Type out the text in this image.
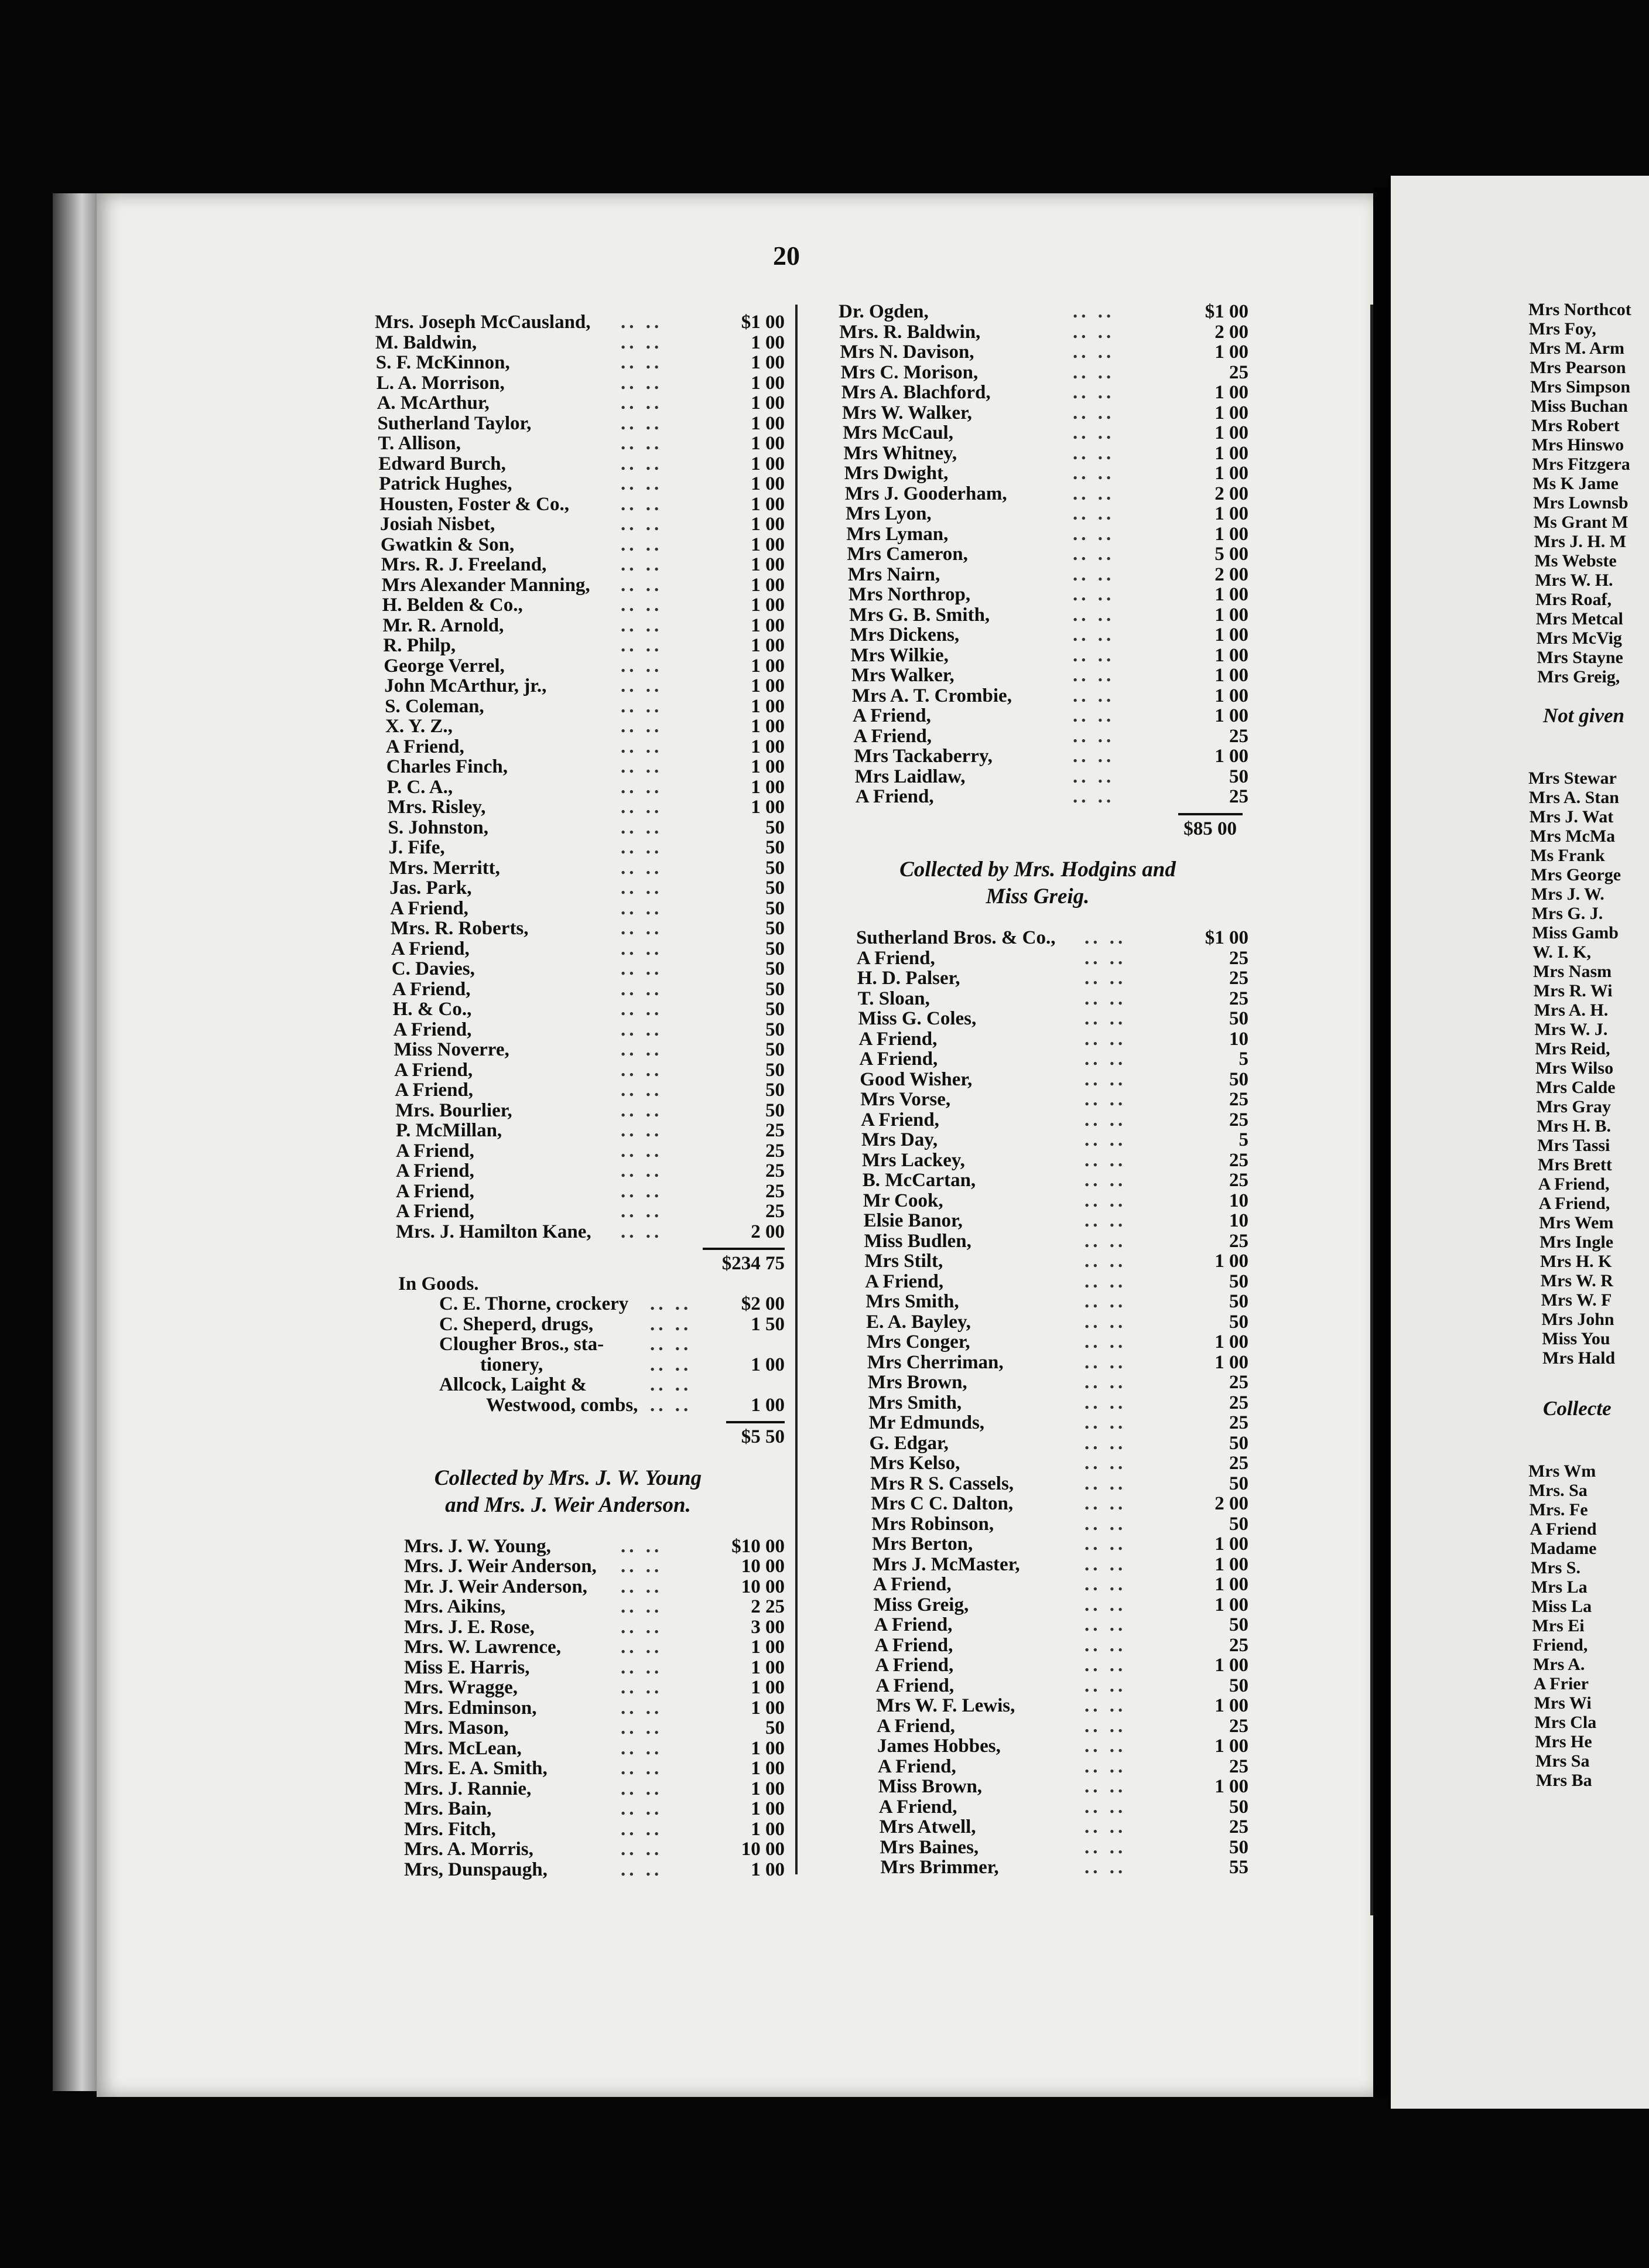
Mrs Northcot
Mrs Foy,
Mrs M. Arm
Mrs Pearson
Mrs Simpson
Miss Buchan
Mrs Robert
Mrs Hinswo
Mrs Fitzgera
Ms K Jame
Mrs Lownsb
Ms Grant M
Mrs J. H. M
Ms Webste
Mrs W. H.
Mrs Roaf,
Mrs Metcal
Mrs McVig
Mrs Stayne
Mrs Greig,
Not given
Mrs Stewar
Mrs A. Stan
Mrs J. Wat
Mrs McMa
Ms Frank
Mrs George
Mrs J. W.
Mrs G. J.
Miss Gamb
W. I. K,
Mrs Nasm
Mrs R. Wi
Mrs A. H.
Mrs W. J.
Mrs Reid,
Mrs Wilso
Mrs Calde
Mrs Gray
Mrs H. B.
Mrs Tassi
Mrs Brett
A Friend,
A Friend,
Mrs Wem
Mrs Ingle
Mrs H. K
Mrs W. R
Mrs W. F
Mrs John
Miss You
Mrs Hald
Collecte
Mrs Wm
Mrs. Sa
Mrs. Fe
A Friend
Madame
Mrs S.
Mrs La
Miss La
Mrs Ei
Friend,
Mrs A.
A Frier
Mrs Wi
Mrs Cla
Mrs He
Mrs Sa
Mrs Ba
20
Mrs. Joseph McCausland, .. ..	$1 00
M. Baldwin,	.. ..	1 00
S. F. McKinnon,	.. ..	1 00
L. A. Morrison,	.. ..	1 00
A. McArthur,	.. ..	1 00
Sutherland Taylor,	.. ..	1 00
T. Allison,	.. ..	1 00
Edward Burch,	.. ..	1 00
Patrick Hughes,	.. ..	1 00
Housten, Foster & Co.,	.. ..	1 00
Josiah Nisbet,	.. ..	1 00
Gwatkin & Son,	.. ..	1 00
Mrs. R. J. Freeland,	.. ..	1 00
Mrs Alexander Manning, .. ..	1 00
H. Belden & Co.,	.. ..	1 00
Mr. R. Arnold,	.. ..	1 00
R. Philp,	.. ..	1 00
George Verrel,	.. ..	1 00
John McArthur, jr.,	.. ..	1 00
S. Coleman,	.. ..	1 00
X. Y. Z.,	.. ..	1 00
A Friend,	.. ..	1 00
Charles Finch,	.. ..	1 00
P. C. A.,	.. ..	1 00
Mrs. Risley,	.. ..	1 00
S. Johnston,	.. ..	50
J. Fife,	.. ..	50
Mrs. Merritt,	.. ..	50
Jas. Park,	.. ..	50
A Friend,	.. ..	50
Mrs. R. Roberts,	.. ..	50
A Friend,	.. ..	50
C. Davies,	.. ..	50
A Friend,	.. ..	50
H. & Co.,	.. ..	50
A Friend,	.. ..	50
Miss Noverre,	.. ..	50
A Friend,	.. ..	50
A Friend,	.. ..	50
Mrs. Bourlier,	.. ..	50
P. McMillan,	.. ..	25
A Friend,	.. ..	25
A Friend,	.. ..	25
A Friend,	.. ..	25
A Friend,	.. ..	25
Mrs. J. Hamilton Kane, .. ..	2 00
$234 75
In Goods.
C. E. Thorne, crockery .. ..	$2 00
C. Sheperd, drugs,	.. ..	1 50
Clougher Bros., sta- .. ..
tionery,	.. ..	1 00
Allcock, Laight &	.. ..
Westwood, combs, .. ..	1 00
$5 50
Collected by Mrs. J. W. Young
and Mrs. J. Weir Anderson.
Mrs. J. W. Young,	.. ..	$10 00
Mrs. J. Weir Anderson, .. ..	10 00
Mr. J. Weir Anderson, .. ..	10 00
Mrs. Aikins,	.. ..	2 25
Mrs. J. E. Rose,	.. ..	3 00
Mrs. W. Lawrence,	.. ..	1 00
Miss E. Harris,	.. ..	1 00
Mrs. Wragge,	.. ..	1 00
Mrs. Edminson,	.. ..	1 00
Mrs. Mason,	.. ..	50
Mrs. McLean,	.. ..	1 00
Mrs. E. A. Smith,	.. ..	1 00
Mrs. J. Rannie,	.. ..	1 00
Mrs. Bain,	.. ..	1 00
Mrs. Fitch,	.. ..	1 00
Mrs. A. Morris,	.. ..	10 00
Mrs, Dunspaugh,	.. ..	1 00
Dr. Ogden,	.. ..	$1 00
Mrs. R. Baldwin,	.. ..	2 00
Mrs N. Davison,	.. ..	1 00
Mrs C. Morison,	.. ..	25
Mrs A. Blachford,	.. ..	1 00
Mrs W. Walker,	.. ..	1 00
Mrs McCaul,	.. ..	1 00
Mrs Whitney,	.. ..	1 00
Mrs Dwight,	.. ..	1 00
Mrs J. Gooderham,	.. ..	2 00
Mrs Lyon,	.. ..	1 00
Mrs Lyman,	.. ..	1 00
Mrs Cameron,	.. ..	5 00
Mrs Nairn,	.. ..	2 00
Mrs Northrop,	.. ..	1 00
Mrs G. B. Smith,	.. ..	1 00
Mrs Dickens,	.. ..	1 00
Mrs Wilkie,	.. ..	1 00
Mrs Walker,	.. ..	1 00
Mrs A. T. Crombie,	.. ..	1 00
A Friend,	.. ..	1 00
A Friend,	.. ..	25
Mrs Tackaberry,	.. ..	1 00
Mrs Laidlaw,	.. ..	50
A Friend,	.. ..	25
$85 00
Collected by Mrs. Hodgins and
Miss Greig.
Sutherland Bros. & Co., .. ..	$1 00
A Friend,	.. ..	25
H. D. Palser,	.. ..	25
T. Sloan,	.. ..	25
Miss G. Coles,	.. ..	50
A Friend,	.. ..	10
A Friend,	.. ..	5
Good Wisher,	.. ..	50
Mrs Vorse,	.. ..	25
A Friend,	.. ..	25
Mrs Day,	.. ..	5
Mrs Lackey,	.. ..	25
B. McCartan,	.. ..	25
Mr Cook,	.. ..	10
Elsie Banor,	.. ..	10
Miss Budlen,	.. ..	25
Mrs Stilt,	.. ..	1 00
A Friend,	.. ..	50
Mrs Smith,	.. ..	50
E. A. Bayley,	.. ..	50
Mrs Conger,	.. ..	1 00
Mrs Cherriman,	.. ..	1 00
Mrs Brown,	.. ..	25
Mrs Smith,	.. ..	25
Mr Edmunds,	.. ..	25
G. Edgar,	.. ..	50
Mrs Kelso,	.. ..	25
Mrs R S. Cassels,	.. ..	50
Mrs C C. Dalton,	.. ..	2 00
Mrs Robinson,	.. ..	50
Mrs Berton,	.. ..	1 00
Mrs J. McMaster,	.. ..	1 00
A Friend,	.. ..	1 00
Miss Greig,	.. ..	1 00
A Friend,	.. ..	50
A Friend,	.. ..	25
A Friend,	.. ..	1 00
A Friend,	.. ..	50
Mrs W. F. Lewis,	.. ..	1 00
A Friend,	.. ..	25
James Hobbes,	.. ..	1 00
A Friend,	.. ..	25
Miss Brown,	.. ..	1 00
A Friend,	.. ..	50
Mrs Atwell,	.. ..	25
Mrs Baines,	.. ..	50
Mrs Brimmer,	.. ..	55
